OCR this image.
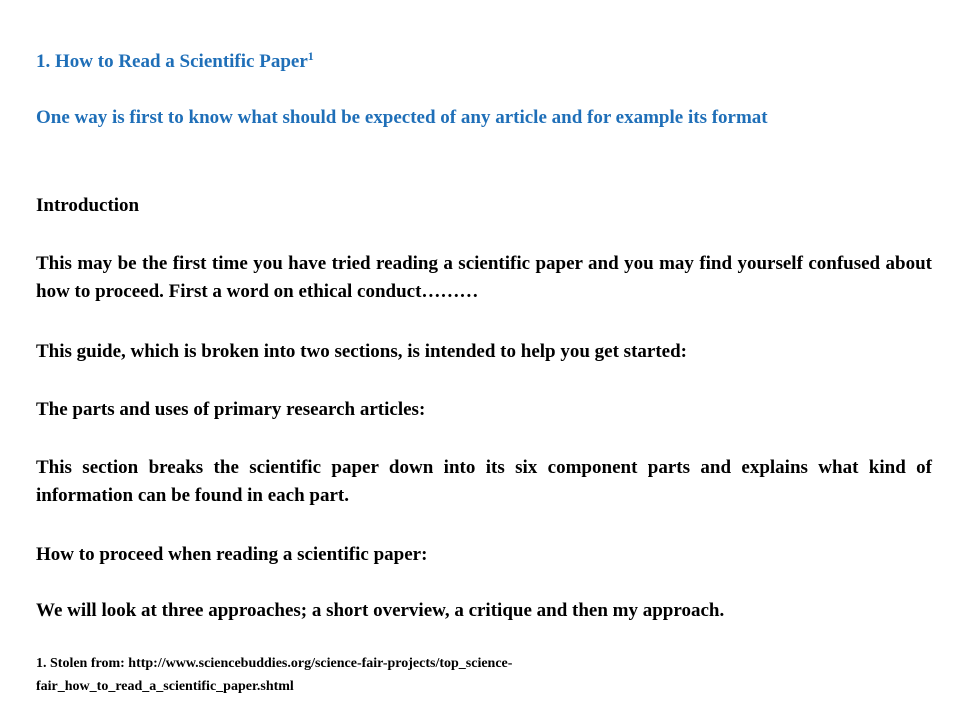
1. How to Read a Scientific Paper$^1$

One way is first to know what should be expected of any article and for example its format

Introduction

This may be the first time you have tried reading a scientific paper and you may find yourself confused about how to proceed. First a word on ethical conduct………

This guide, which is broken into two sections, is intended to help you get started:

The parts and uses of primary research articles:

This section breaks the scientific paper down into its six component parts and explains what kind of information can be found in each part.

How to proceed when reading a scientific paper:

We will look at three approaches; a short overview, a critique and then my approach.

1. Stolen from: http://www.sciencebuddies.org/science-fair-projects/top_science-
fair_how_to_read_a_scientific_paper.shtml
